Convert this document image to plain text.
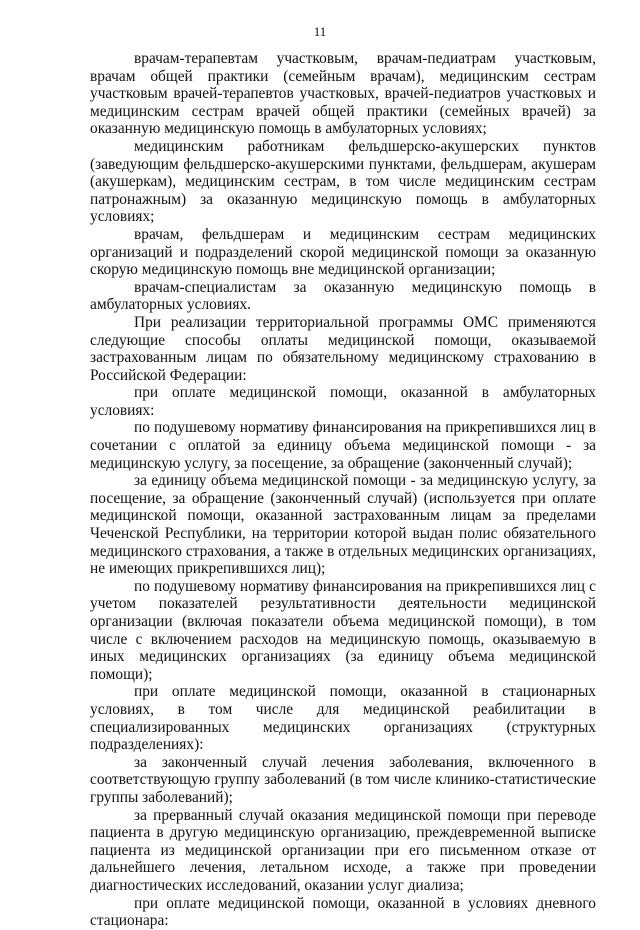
11

врачам-терапевтам участковым, врачам-педиатрам участковым, врачам общей практики (семейным врачам), медицинским сестрам участковым врачей-терапевтов участковых, врачей-педиатров участковых и медицинским сестрам врачей общей практики (семейных врачей) за оказанную медицинскую помощь в амбулаторных условиях;

медицинским работникам фельдшерско-акушерских пунктов (заведующим фельдшерско-акушерскими пунктами, фельдшерам, акушерам (акушеркам), медицинским сестрам, в том числе медицинским сестрам патронажным) за оказанную медицинскую помощь в амбулаторных условиях;

врачам, фельдшерам и медицинским сестрам медицинских организаций и подразделений скорой медицинской помощи за оказанную скорую медицинскую помощь вне медицинской организации;

врачам-специалистам за оказанную медицинскую помощь в амбулаторных условиях.

При реализации территориальной программы ОМС применяются следующие способы оплаты медицинской помощи, оказываемой застрахованным лицам по обязательному медицинскому страхованию в Российской Федерации:

при оплате медицинской помощи, оказанной в амбулаторных условиях:

по подушевому нормативу финансирования на прикрепившихся лиц в сочетании с оплатой за единицу объема медицинской помощи - за медицинскую услугу, за посещение, за обращение (законченный случай);

за единицу объема медицинской помощи - за медицинскую услугу, за посещение, за обращение (законченный случай) (используется при оплате медицинской помощи, оказанной застрахованным лицам за пределами Чеченской Республики, на территории которой выдан полис обязательного медицинского страхования, а также в отдельных медицинских организациях, не имеющих прикрепившихся лиц);

по подушевому нормативу финансирования на прикрепившихся лиц с учетом показателей результативности деятельности медицинской организации (включая показатели объема медицинской помощи), в том числе с включением расходов на медицинскую помощь, оказываемую в иных медицинских организациях (за единицу объема медицинской помощи);

при оплате медицинской помощи, оказанной в стационарных условиях, в том числе для медицинской реабилитации в специализированных медицинских организациях (структурных подразделениях):

за законченный случай лечения заболевания, включенного в соответствующую группу заболеваний (в том числе клинико-статистические группы заболеваний);

за прерванный случай оказания медицинской помощи при переводе пациента в другую медицинскую организацию, преждевременной выписке пациента из медицинской организации при его письменном отказе от дальнейшего лечения, летальном исходе, а также при проведении диагностических исследований, оказании услуг диализа;

при оплате медицинской помощи, оказанной в условиях дневного стационара:
